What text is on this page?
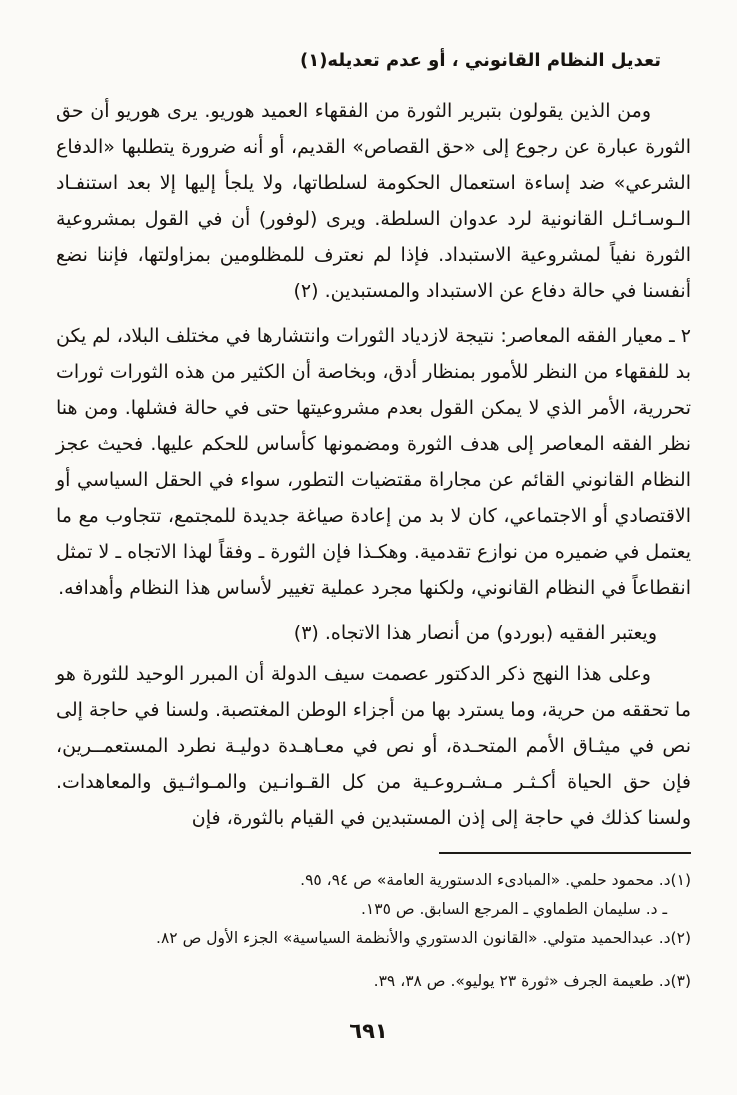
تعديل النظام القانوني ، أو عدم تعديله(١)

ومن الذين يقولون بتبرير الثورة من الفقهاء العميد هوريو. يرى هوريو أن حق الثورة عبارة عن رجوع إلى «حق القصاص» القديم، أو أنه ضرورة يتطلبها «الدفاع الشرعي» ضد إساءة استعمال الحكومة لسلطاتها، ولا يلجأ إليها إلا بعد استنفـاد الـوسـائـل القانونية لرد عدوان السلطة. ويرى (لوفور) أن في القول بمشروعية الثورة نفياً لمشروعية الاستبداد. فإذا لم نعترف للمظلومين بمزاولتها، فإننا نضع أنفسنا في حالة دفاع عن الاستبداد والمستبدين. (٢)

٢ ـ معيار الفقه المعاصر: نتيجة لازدياد الثورات وانتشارها في مختلف البلاد، لم يكن بد للفقهاء من النظر للأمور بمنظار أدق، وبخاصة أن الكثير من هذه الثورات ثورات تحررية، الأمر الذي لا يمكن القول بعدم مشروعيتها حتى في حالة فشلها. ومن هنا نظر الفقه المعاصر إلى هدف الثورة ومضمونها كأساس للحكم عليها. فحيث عجز النظام القانوني القائم عن مجاراة مقتضيات التطور، سواء في الحقل السياسي أو الاقتصادي أو الاجتماعي، كان لا بد من إعادة صياغة جديدة للمجتمع، تتجاوب مع ما يعتمل في ضميره من نوازع تقدمية. وهكـذا فإن الثورة ـ وفقاً لهذا الاتجاه ـ لا تمثل انقطاعاً في النظام القانوني، ولكنها مجرد عملية تغيير لأساس هذا النظام وأهدافه.

ويعتبر الفقيه (بوردو) من أنصار هذا الاتجاه. (٣)

وعلى هذا النهج ذكر الدكتور عصمت سيف الدولة أن المبرر الوحيد للثورة هو ما تحققه من حرية، وما يسترد بها من أجزاء الوطن المغتصبة. ولسنا في حاجة إلى نص في ميثـاق الأمم المتحـدة، أو نص في معـاهـدة دوليـة نطرد المستعمــرين، فإن حق الحياة أكـثـر مـشـروعـية من كل القـوانـين والمـواثـيق والمعاهدات. ولسنا كذلك في حاجة إلى إذن المستبدين في القيام بالثورة، فإن

(١)د. محمود حلمي. «المبادىء الدستورية العامة» ص ٩٤، ٩٥.

ـ د. سليمان الطماوي ـ المرجع السابق. ص ١٣٥.

(٢)د. عبدالحميد متولي. «القانون الدستوري والأنظمة السياسية» الجزء الأول ص ٨٢.

(٣)د. طعيمة الجرف «ثورة ٢٣ يوليو». ص ٣٨، ٣٩.

٦٩١
